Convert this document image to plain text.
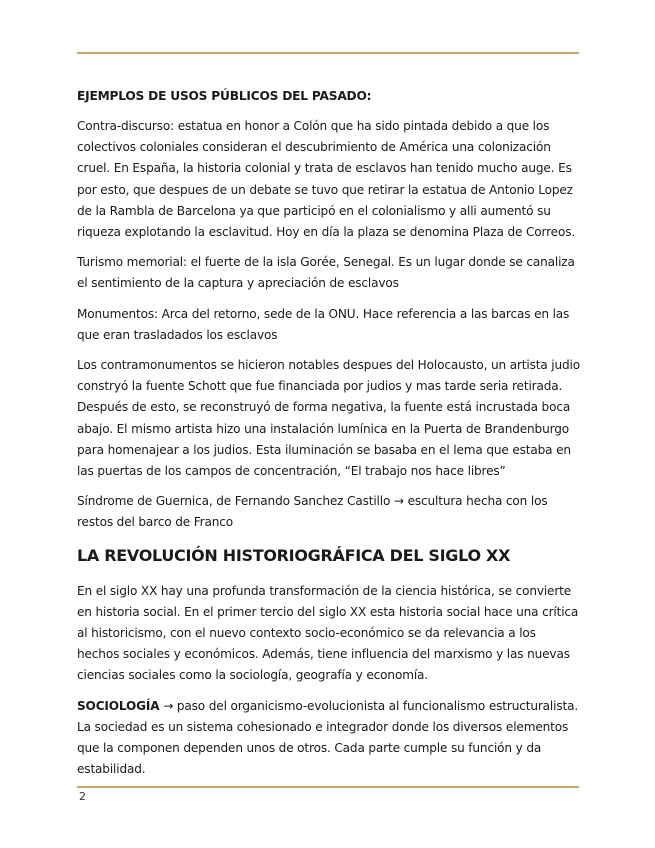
EJEMPLOS DE USOS PÚBLICOS DEL PASADO:

Contra-discurso: estatua en honor a Colón que ha sido pintada debido a que los colectivos coloniales consideran el descubrimiento de América una colonización cruel. En España, la historia colonial y trata de esclavos han tenido mucho auge. Es por esto, que despues de un debate se tuvo que retirar la estatua de Antonio Lopez de la Rambla de Barcelona ya que participó en el colonialismo y alli aumentó su riqueza explotando la esclavitud. Hoy en día la plaza se denomina Plaza de Correos.

Turismo memorial: el fuerte de la isla Gorée, Senegal. Es un lugar donde se canaliza el sentimiento de la captura y apreciación de esclavos

Monumentos: Arca del retorno, sede de la ONU. Hace referencia a las barcas en las que eran trasladados los esclavos

Los contramonumentos se hicieron notables despues del Holocausto, un artista judio constryó la fuente Schott que fue financiada por judios y mas tarde seria retirada. Después de esto, se reconstruyó de forma negativa, la fuente está incrustada boca abajo. El mismo artista hizo una instalación lumínica en la Puerta de Brandenburgo para homenajear a los judios. Esta iluminación se basaba en el lema que estaba en las puertas de los campos de concentración, “El trabajo nos hace libres”

Síndrome de Guernica, de Fernando Sanchez Castillo → escultura hecha con los restos del barco de Franco

LA REVOLUCIÓN HISTORIOGRÁFICA DEL SIGLO XX

En el siglo XX hay una profunda transformación de la ciencia histórica, se convierte en historia social. En el primer tercio del siglo XX esta historia social hace una crítica al historicismo, con el nuevo contexto socio-económico se da relevancia a los hechos sociales y económicos. Además, tiene influencia del marxismo y las nuevas ciencias sociales como la sociología, geografía y economía.

SOCIOLOGÍA → paso del organicismo-evolucionista al funcionalismo estructuralista. La sociedad es un sistema cohesionado e integrador donde los diversos elementos que la componen dependen unos de otros. Cada parte cumple su función y da estabilidad.

2
